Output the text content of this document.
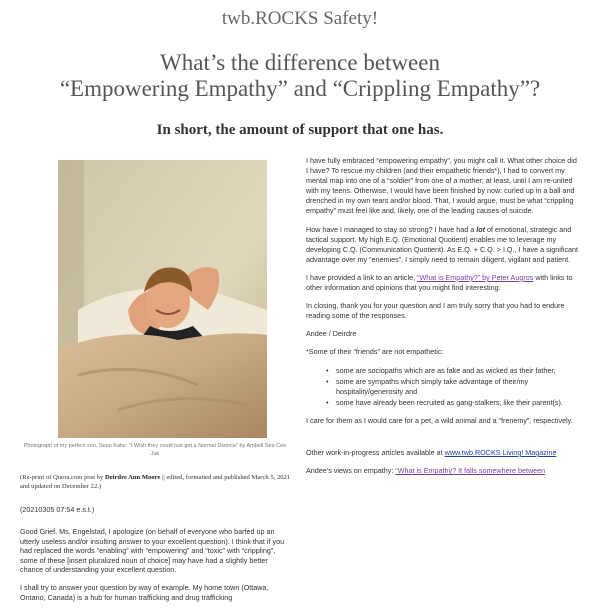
twb.ROCKS Safety!
What’s the difference between
“Empowering Empathy” and “Crippling Empathy”?
In short, the amount of support that one has.
Photograph of my perfect son, Sean Katie: "I Wish they could just get a Normal Divorce" by Ambell Sea Cee Jak
(Re-print of Quora.com post by Deirdre Ann Moore || edited, formatted and published March 5, 2021 and updated on December 22.)
(20210305 07:54 e.s.t.)

Good Grief. Ms. Engelstad, I apologize (on behalf of everyone who barfed up an utterly useless and/or insulting answer to your excellent question). I think that if you had replaced the words “enabling” with “empowering” and “toxic” with “crippling”, some of these [insert pluralized noun of choice] may have had a slightly better chance of understanding your excellent question.

I shall try to answer your question by way of example. My home town (Ottawa, Ontario, Canada) is a hub for human trafficking and drug trafficking

I have fully embraced “empowering empathy”, you might call it. What other choice did I have? To rescue my children (and their empathetic friends*), I had to convert my mental map into one of a “soldier” from one of a mother; at least, until I am re-united with my teens. Otherwise, I would have been finished by now: curled up in a ball and drenched in my own tears and/or blood. That, I would argue, must be what “crippling empathy” must feel like and, likely, one of the leading causes of suicide.

How have I managed to stay so strong? I have had a lot of emotional, strategic and tactical support. My high E.Q. (Emotional Quotient) enables me to leverage my developing C.Q. (Communication Quotient). As E.Q. + C.Q. > I.Q., I have a significant advantage over my “enemies”. I simply need to remain diligent, vigilant and patient.

I have provided a link to an article, “What is Empathy?” by Peter Augros with links to other information and opinions that you might find interesting.

In closing, thank you for your question and I am truly sorry that you had to endure reading some of the responses.

Andee / Deirdre

*Some of their “friends” are not empathetic:

• some are sociopaths which are as fake and as wicked as their father,
• some are sympaths which simply take advantage of their/my hospitality/generosity and
• some have already been recruited as gang-stalkers; like their parent(s).

I care for them as I would care for a pet, a wild animal and a “frenemy”, respectively.

Other work-in-progress articles available at www.twb.ROCKS Living! Magazine

Andee’s views on empathy: “What is Empathy? It falls somewhere between
